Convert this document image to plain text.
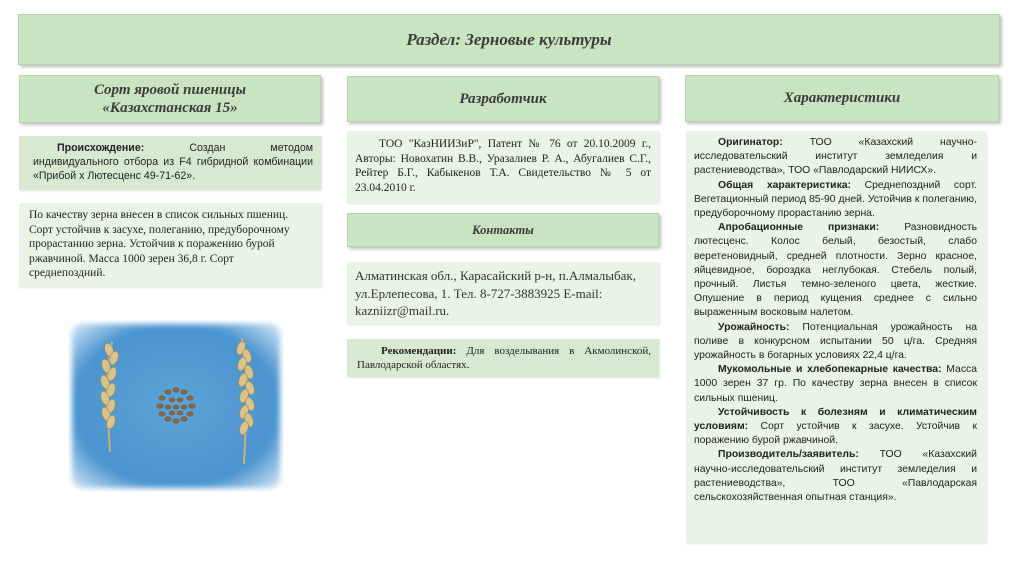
Раздел: Зерновые культуры
Сорт яровой пшеницы
«Казахстанская 15»

Происхождение: Создан методом индивидуального отбора из F4 гибридной комбинации «Прибой х Лютесценс 49-71-62».

По качеству зерна внесен в список сильных пшениц. Сорт устойчив к засухе, полеганию, предуборочному прорастанию зерна. Устойчив к поражению бурой ржавчиной. Масса 1000 зерен 36,8 г. Сорт среднепоздний.

Разработчик

ТОО "КазНИИЗиР", Патент № 76 от 20.10.2009 г., Авторы: Новохатин В.В., Уразалиев Р. А., Абугалиев С.Г., Рейтер Б.Г., Кабыкенов Т.А. Свидетельство № 5 от 23.04.2010 г.

Контакты

Алматинская обл., Карасайский р-н, п.Алмалыбак, ул.Ерлепесова, 1. Тел. 8-727-3883925 E-mail: kazniizr@mail.ru.

Рекомендации: Для возделывания в Акмолинской, Павлодарской областях.

Характеристики

Оригинатор: ТОО «Казахский научно-исследовательский институт земледелия и растениеводства», ТОО «Павлодарский НИИСХ».

Общая характеристика: Среднепоздний сорт. Вегетационный период 85-90 дней. Устойчив к полеганию, предуборочному прорастанию зерна.

Апробационные признаки: Разновидность лютесценс. Колос белый, безостый, слабо веретеновидный, средней плотности. Зерно красное, яйцевидное, бороздка неглубокая. Стебель полый, прочный. Листья темно-зеленого цвета, жесткие. Опушение в период кущения среднее с сильно выраженным восковым налетом.

Урожайность: Потенциальная урожайность на поливе в конкурсном испытании 50 ц/га. Средняя урожайность в богарных условиях 22,4 ц/га.

Мукомольные и хлебопекарные качества: Масса 1000 зерен 37 гр. По качеству зерна внесен в список сильных пшениц.

Устойчивость к болезням и климатическим условиям: Сорт устойчив к засухе. Устойчив к поражению бурой ржавчиной.

Производитель/заявитель: ТОО «Казахский научно-исследовательский институт земледелия и растениеводства», ТОО «Павлодарская сельскохозяйственная опытная станция».
